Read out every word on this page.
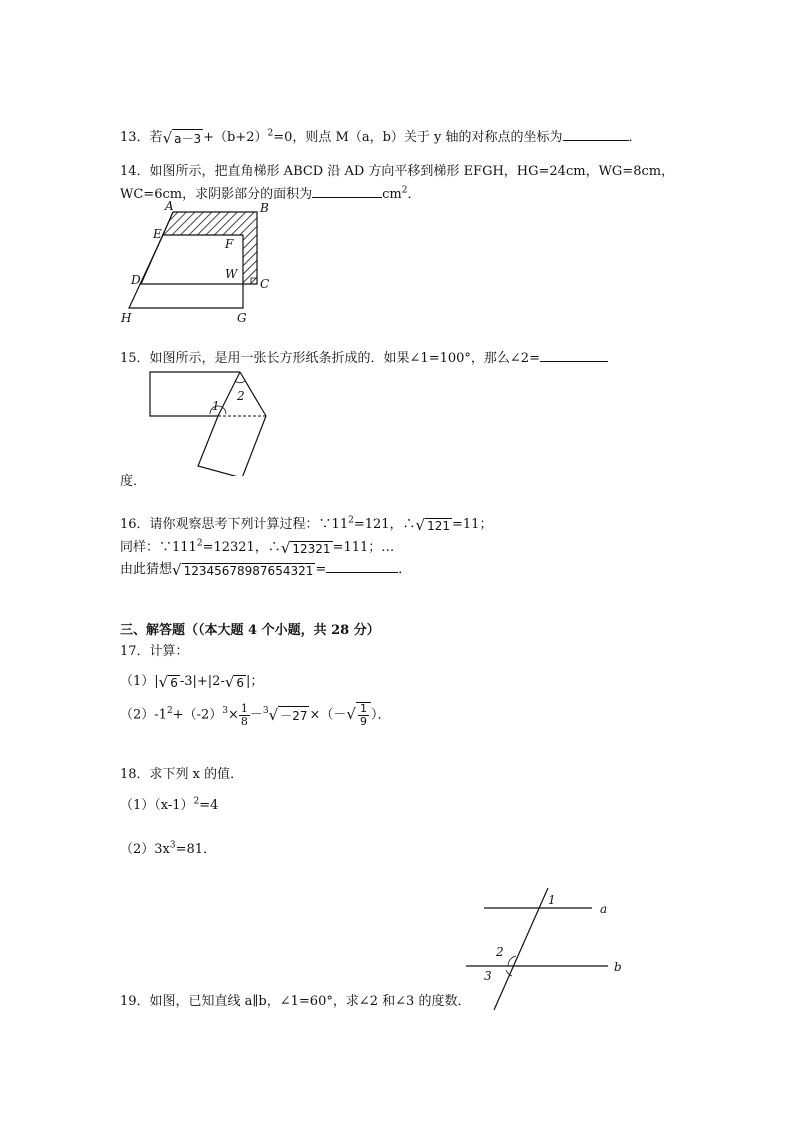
13．若√ $a-3 +(b+2)^2=0$，则点 M（a，b）关于 y 轴的对称点的坐标为	．
14．如图所示，把直角梯形 ABCD 沿 AD 方向平移到梯形 EFGH，HG=24cm，WG=8cm，
WC=6cm，求阴影部分的面积为	$cm^2$．
A	B
E
F
D	W
C
H	G
15．如图所示，是用一张长方形纸条折成的．如果∠1=100°，那么∠2=
1
2
度．
16．请你观察思考下列计算过程：$\because 11^2=121$，∴√ 121 =11；
同样：$\because 111^2=12321$，∴√ 12321 =111；…
由此猜想√ 12345678987654321 =	．
三、解答题（（本大题 4 个小题，共 28 分）
17．计算：
（1）|√ 6 -3|+|2-√ 6 |；
$(2)-1^2+(-2)^3\times \frac{1}{8} -^3√ -27$ ×（－√ $\frac{1}{9}$ ）．
18．求下列 x 的值．
$(1)(x-1)^2=4$
$(2)3x^3=81$．
1
a
2
3
b
19．如图，已知直线 a∥b，∠1=60°，求∠2 和∠3 的度数．
